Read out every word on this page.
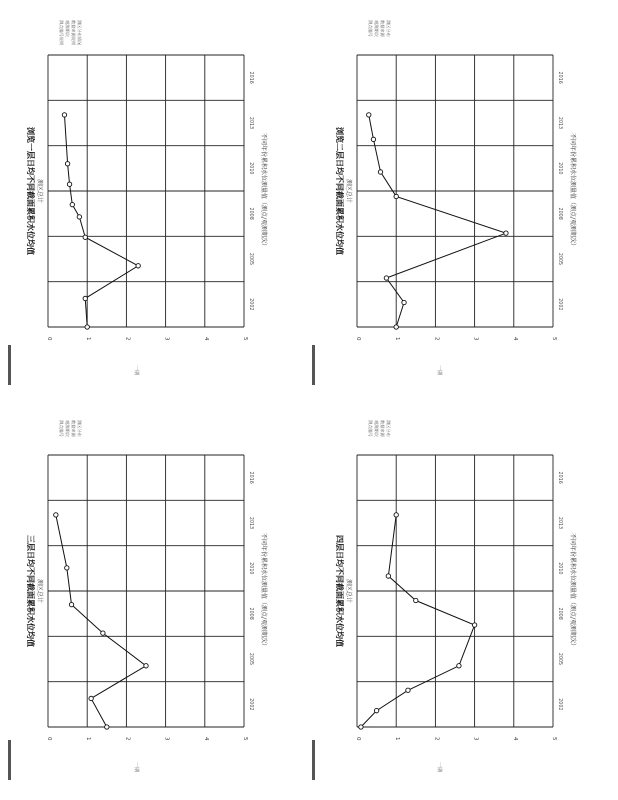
0	1	2	3	4	5
2002
2005
2008
2010
2013
2016
浏览一层日均不同截面累积水位均值 测区总计	不同年份累积水位测量值（测点/观测期次）
测点编号说明 观测期次 数据来源说明 测区分布情况
0	1	2	3	4	5
2002
2005
2008
2010
2013
2016
浏览二层日均不同截面累积水位均值 测区总计	不同年份累积水位测量值（测点/观测期次）
测点编号 观测期次 数据来源 测区分布
0	1	2	3	4	5
2002
2005
2008
2010
2013
2016
三层日均不同截面累积水位均值 测区总计	不同年份累积水位测量值（测点/观测期次）
测点编号 观测期次 数据来源 测区分布
0	1	2	3	4	5
2002
2005
2008
2010
2013
2016
四层日均不同截面累积水位均值 测区总计	不同年份累积水位测量值（测点/观测期次）
测点编号 观测期次 数据来源 测区分布
一期	一期
一期	一期
